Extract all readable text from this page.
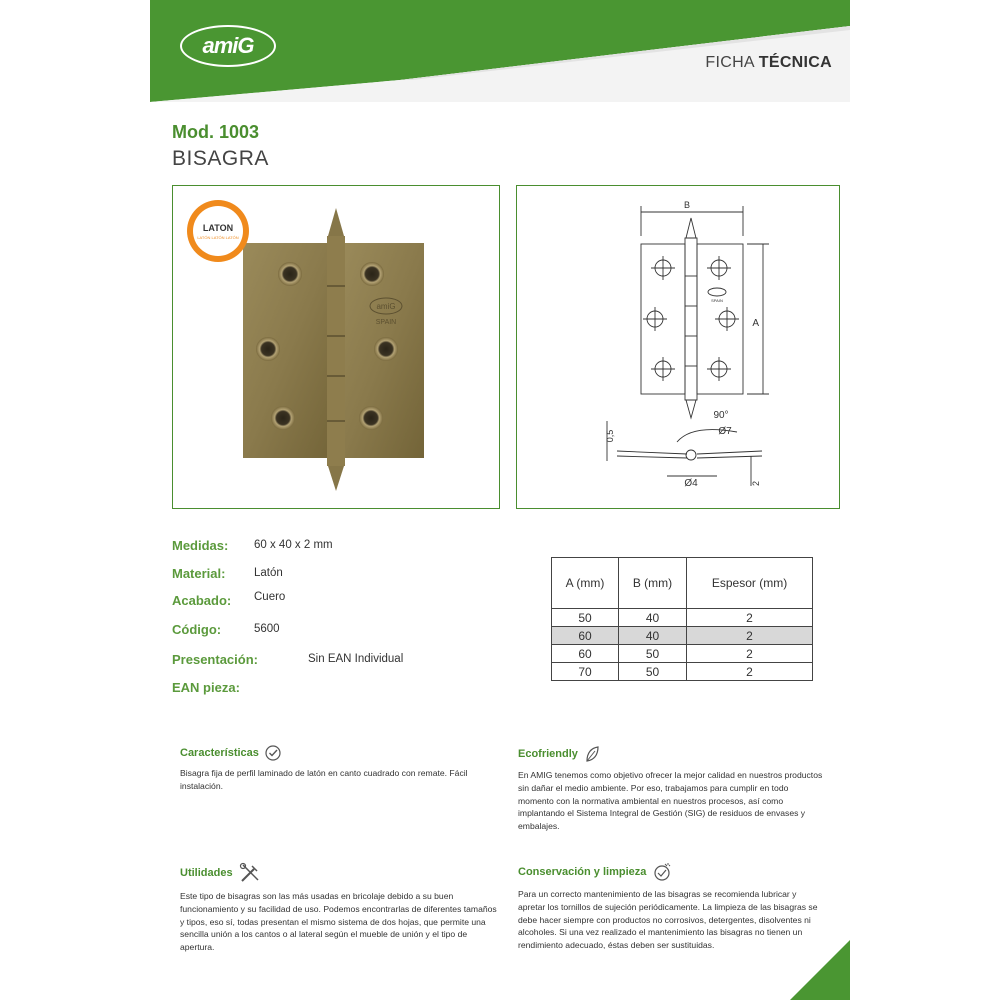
amiG
FICHA TÉCNICA
Mod. 1003
BISAGRA
amiG
SPAIN
LATON
LATÓN LATÓN LATÓN
B
SPAIN
A
0,5
90°
Ø7
Ø4	2
Medidas: 60 x 40 x 2 mm
Material: Latón
Acabado: Cuero
Código:	5600
Presentación:	Sin EAN Individual
EAN pieza:
A (mm)	B (mm)	Espesor (mm)
50	40	2
60	40	2
60	50	2
70	50	2
Características
Bisagra fija de perfil laminado de latón en canto cuadrado con remate. Fácil instalación.
Ecofriendly
En AMIG tenemos como objetivo ofrecer la mejor calidad en nuestros productos sin dañar el medio ambiente. Por eso, trabajamos para cumplir en todo momento con la normativa ambiental en nuestros procesos, así como implantando el Sistema Integral de Gestión (SIG) de residuos de envases y embalajes.
Utilidades
Este tipo de bisagras son las más usadas en bricolaje debido a su buen funcionamiento y su facilidad de uso. Podemos encontrarlas de diferentes tamaños y tipos, eso sí, todas presentan el mismo sistema de dos hojas, que permite una sencilla unión a los cantos o al lateral según el mueble de unión y el tipo de apertura.
Conservación y limpieza
Para un correcto mantenimiento de las bisagras se recomienda lubricar y apretar los tornillos de sujeción periódicamente. La limpieza de las bisagras se debe hacer siempre con productos no corrosivos, detergentes, disolventes ni alcoholes. Si una vez realizado el mantenimiento las bisagras no tienen un rendimiento adecuado, éstas deben ser sustituidas.
